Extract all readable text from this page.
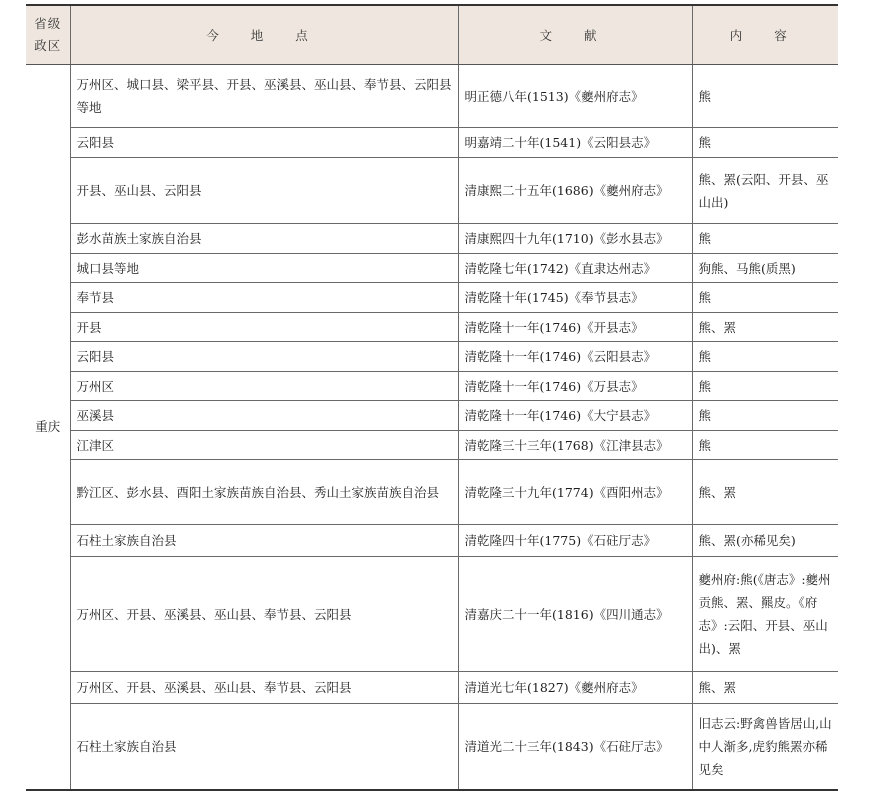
省级
政区	今 地 点	文 献	内 容
重庆	万州区、城口县、梁平县、开县、巫溪县、巫山县、奉节县、云阳县等地	明正德八年(1513)《夔州府志》	熊
	云阳县	明嘉靖二十年(1541)《云阳县志》	熊
	开县、巫山县、云阳县	清康熙二十五年(1686)《夔州府志》	熊、罴(云阳、开县、巫山出)
	彭水苗族土家族自治县	清康熙四十九年(1710)《彭水县志》	熊
	城口县等地	清乾隆七年(1742)《直隶达州志》	狗熊、马熊(质黑)
	奉节县	清乾隆十年(1745)《奉节县志》	熊
	开县	清乾隆十一年(1746)《开县志》	熊、罴
	云阳县	清乾隆十一年(1746)《云阳县志》	熊
	万州区	清乾隆十一年(1746)《万县志》	熊
	巫溪县	清乾隆十一年(1746)《大宁县志》	熊
	江津区	清乾隆三十三年(1768)《江津县志》	熊
	黔江区、彭水县、酉阳土家族苗族自治县、秀山土家族苗族自治县	清乾隆三十九年(1774)《酉阳州志》	熊、罴
	石柱土家族自治县	清乾隆四十年(1775)《石砫厅志》	熊、罴(亦稀见矣)
	万州区、开县、巫溪县、巫山县、奉节县、云阳县	清嘉庆二十一年(1816)《四川通志》	夔州府:熊(《唐志》:夔州贡熊、罴、羆皮。《府志》:云阳、开县、巫山出)、罴
	万州区、开县、巫溪县、巫山县、奉节县、云阳县	清道光七年(1827)《夔州府志》	熊、罴
	石柱土家族自治县	清道光二十三年(1843)《石砫厅志》	旧志云:野禽兽皆居山,山中人渐多,虎豹熊罴亦稀见矣
